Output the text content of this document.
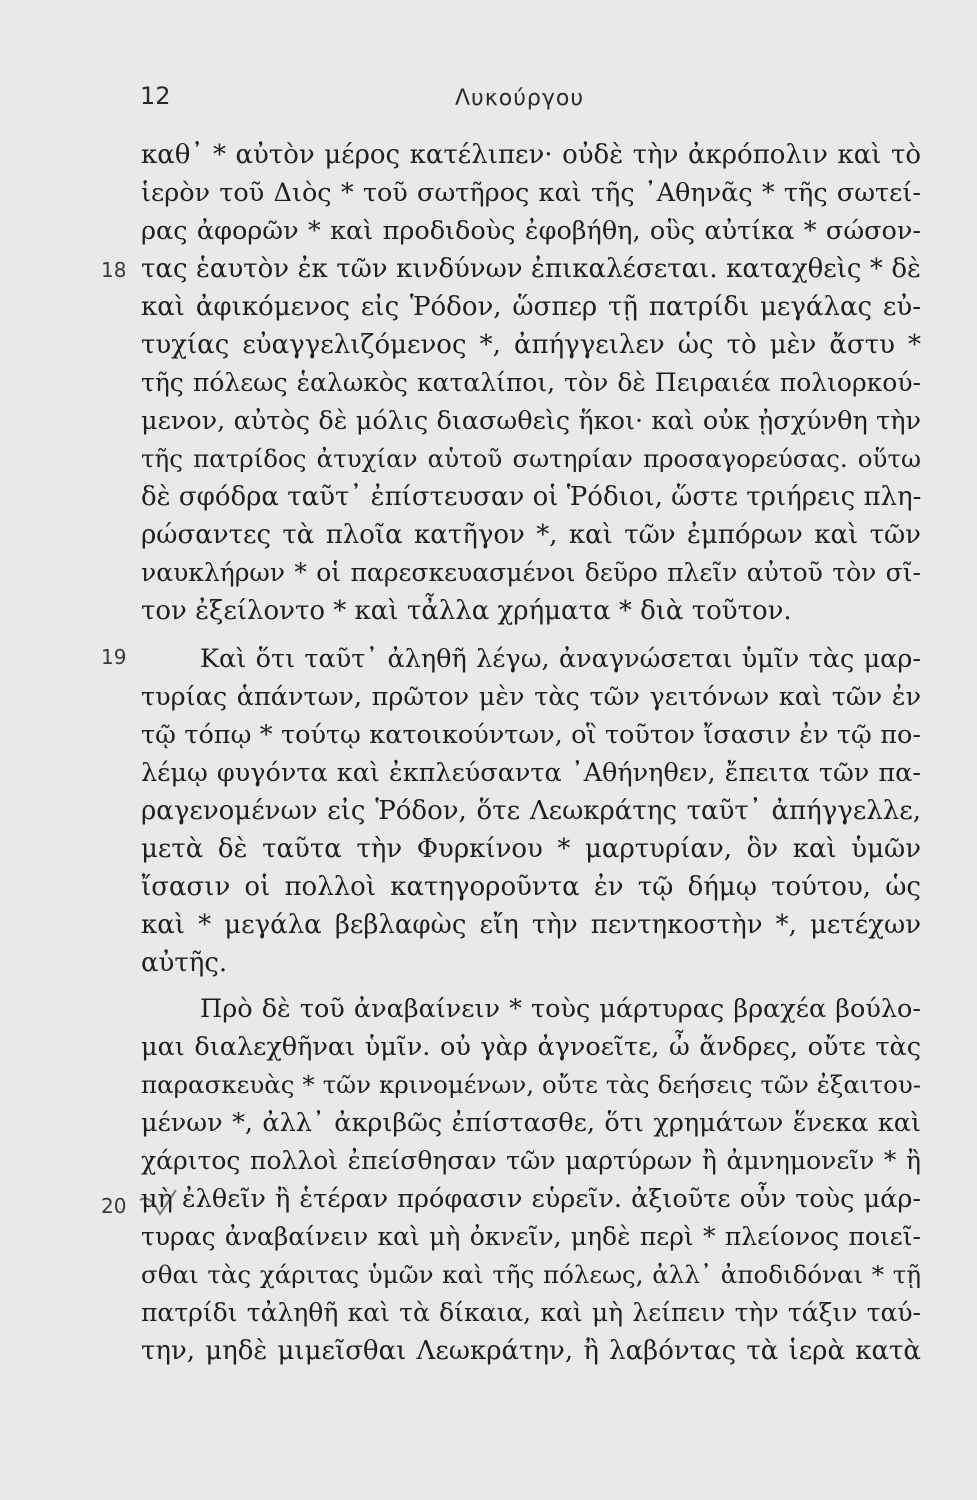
12	Λυκούργου
18
19
20
καθ᾽ * αὐτὸν μέρος κατέλιπεν· οὐδὲ τὴν ἀκρόπολιν καὶ τὸ
ἱερὸν τοῦ Διὸς * τοῦ σωτῆρος καὶ τῆς ᾽Αθηνᾶς * τῆς σωτεί-
ρας ἀφορῶν * καὶ προδιδοὺς ἐφοβήθη, οὓς αὐτίκα * σώσον-
τας ἑαυτὸν ἐκ τῶν κινδύνων ἐπικαλέσεται. καταχθεὶς * δὲ
καὶ ἀφικόμενος εἰς Ῥόδον, ὥσπερ τῇ πατρίδι μεγάλας εὐ-
τυχίας εὐαγγελιζόμενος *, ἀπήγγειλεν ὡς τὸ μὲν ἄστυ *
τῆς πόλεως ἑαλωκὸς καταλίποι, τὸν δὲ Πειραιέα πολιορκού-
μενον, αὐτὸς δὲ μόλις διασωθεὶς ἥκοι· καὶ οὐκ ᾐσχύνθη τὴν
τῆς πατρίδος ἀτυχίαν αὑτοῦ σωτηρίαν προσαγορεύσας. οὕτω
δὲ σφόδρα ταῦτ᾽ ἐπίστευσαν οἱ Ῥόδιοι, ὥστε τριήρεις πλη-
ρώσαντες τὰ πλοῖα κατῆγον *, καὶ τῶν ἐμπόρων καὶ τῶν
ναυκλήρων * οἱ παρεσκευασμένοι δεῦρο πλεῖν αὐτοῦ τὸν σῖ-
τον ἐξείλοντο * καὶ τἆλλα χρήματα * διὰ τοῦτον.
Καὶ ὅτι ταῦτ᾽ ἀληθῆ λέγω, ἀναγνώσεται ὑμῖν τὰς μαρ-
τυρίας ἁπάντων, πρῶτον μὲν τὰς τῶν γειτόνων καὶ τῶν ἐν
τῷ τόπῳ * τούτῳ κατοικούντων, οἳ τοῦτον ἴσασιν ἐν τῷ πο-
λέμῳ φυγόντα καὶ ἐκπλεύσαντα ᾽Αθήνηθεν, ἔπειτα τῶν πα-
ραγενομένων εἰς Ῥόδον, ὅτε Λεωκράτης ταῦτ᾽ ἀπήγγελλε,
μετὰ δὲ ταῦτα τὴν Φυρκίνου * μαρτυρίαν, ὃν καὶ ὑμῶν
ἴσασιν οἱ πολλοὶ κατηγοροῦντα ἐν τῷ δήμῳ τούτου, ὡς
καὶ * μεγάλα βεβλαφὼς εἴη τὴν πεντηκοστὴν *, μετέχων
αὐτῆς.
Πρὸ δὲ τοῦ ἀναβαίνειν * τοὺς μάρτυρας βραχέα βούλο-
μαι διαλεχθῆναι ὑμῖν. οὐ γὰρ ἀγνοεῖτε, ὦ ἄνδρες, οὔτε τὰς
παρασκευὰς * τῶν κρινομένων, οὔτε τὰς δεήσεις τῶν ἐξαιτου-
μένων *, ἀλλ᾽ ἀκριβῶς ἐπίστασθε, ὅτι χρημάτων ἕνεκα καὶ
χάριτος πολλοὶ ἐπείσθησαν τῶν μαρτύρων ἢ ἀμνημονεῖν * ἢ
μὴ ἐλθεῖν ἢ ἑτέραν πρόφασιν εὑρεῖν. ἀξιοῦτε οὖν τοὺς μάρ-
τυρας ἀναβαίνειν καὶ μὴ ὀκνεῖν, μηδὲ περὶ * πλείονος ποιεῖ-
σθαι τὰς χάριτας ὑμῶν καὶ τῆς πόλεως, ἀλλ᾽ ἀποδιδόναι * τῇ
πατρίδι τἀληθῆ καὶ τὰ δίκαια, καὶ μὴ λείπειν τὴν τάξιν ταύ-
την, μηδὲ μιμεῖσθαι Λεωκράτην, ἢ λαβόντας τὰ ἱερὰ κατὰ
